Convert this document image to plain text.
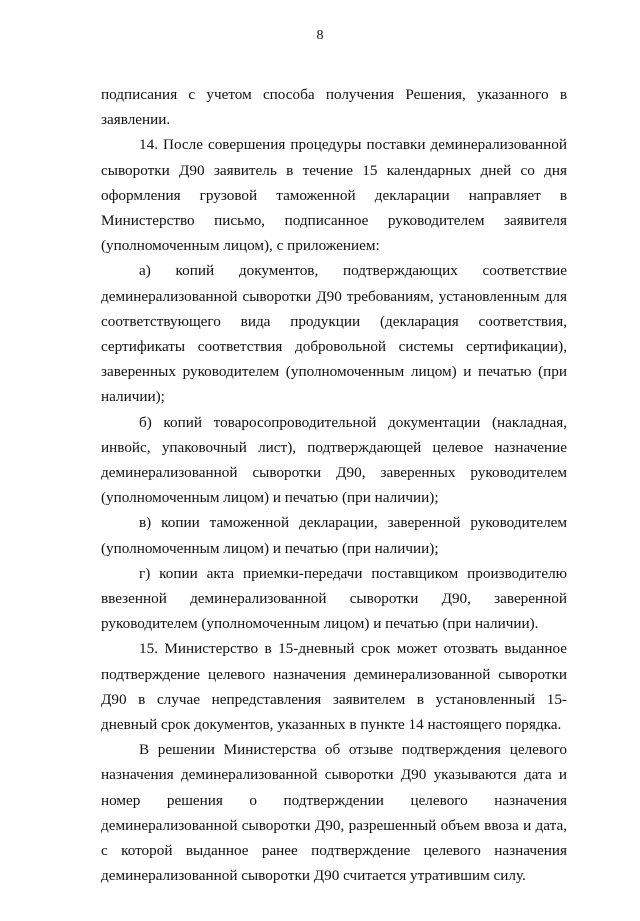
8

подписания с учетом способа получения Решения, указанного в заявлении.

14. После совершения процедуры поставки деминерализованной сыворотки Д90 заявитель в течение 15 календарных дней со дня оформления грузовой таможенной декларации направляет в Министерство письмо, подписанное руководителем заявителя (уполномоченным лицом), с приложением:

а) копий документов, подтверждающих соответствие деминерализованной сыворотки Д90 требованиям, установленным для соответствующего вида продукции (декларация соответствия, сертификаты соответствия добровольной системы сертификации), заверенных руководителем (уполномоченным лицом) и печатью (при наличии);

б) копий товаросопроводительной документации (накладная, инвойс, упаковочный лист), подтверждающей целевое назначение деминерализованной сыворотки Д90, заверенных руководителем (уполномоченным лицом) и печатью (при наличии);

в) копии таможенной декларации, заверенной руководителем (уполномоченным лицом) и печатью (при наличии);

г) копии акта приемки-передачи поставщиком производителю ввезенной деминерализованной сыворотки Д90, заверенной руководителем (уполномоченным лицом) и печатью (при наличии).

15. Министерство в 15-дневный срок может отозвать выданное подтверждение целевого назначения деминерализованной сыворотки Д90 в случае непредставления заявителем в установленный 15-дневный срок документов, указанных в пункте 14 настоящего порядка.

В решении Министерства об отзыве подтверждения целевого назначения деминерализованной сыворотки Д90 указываются дата и номер решения о подтверждении целевого назначения деминерализованной сыворотки Д90, разрешенный объем ввоза и дата, с которой выданное ранее подтверждение целевого назначения деминерализованной сыворотки Д90 считается утратившим силу.
